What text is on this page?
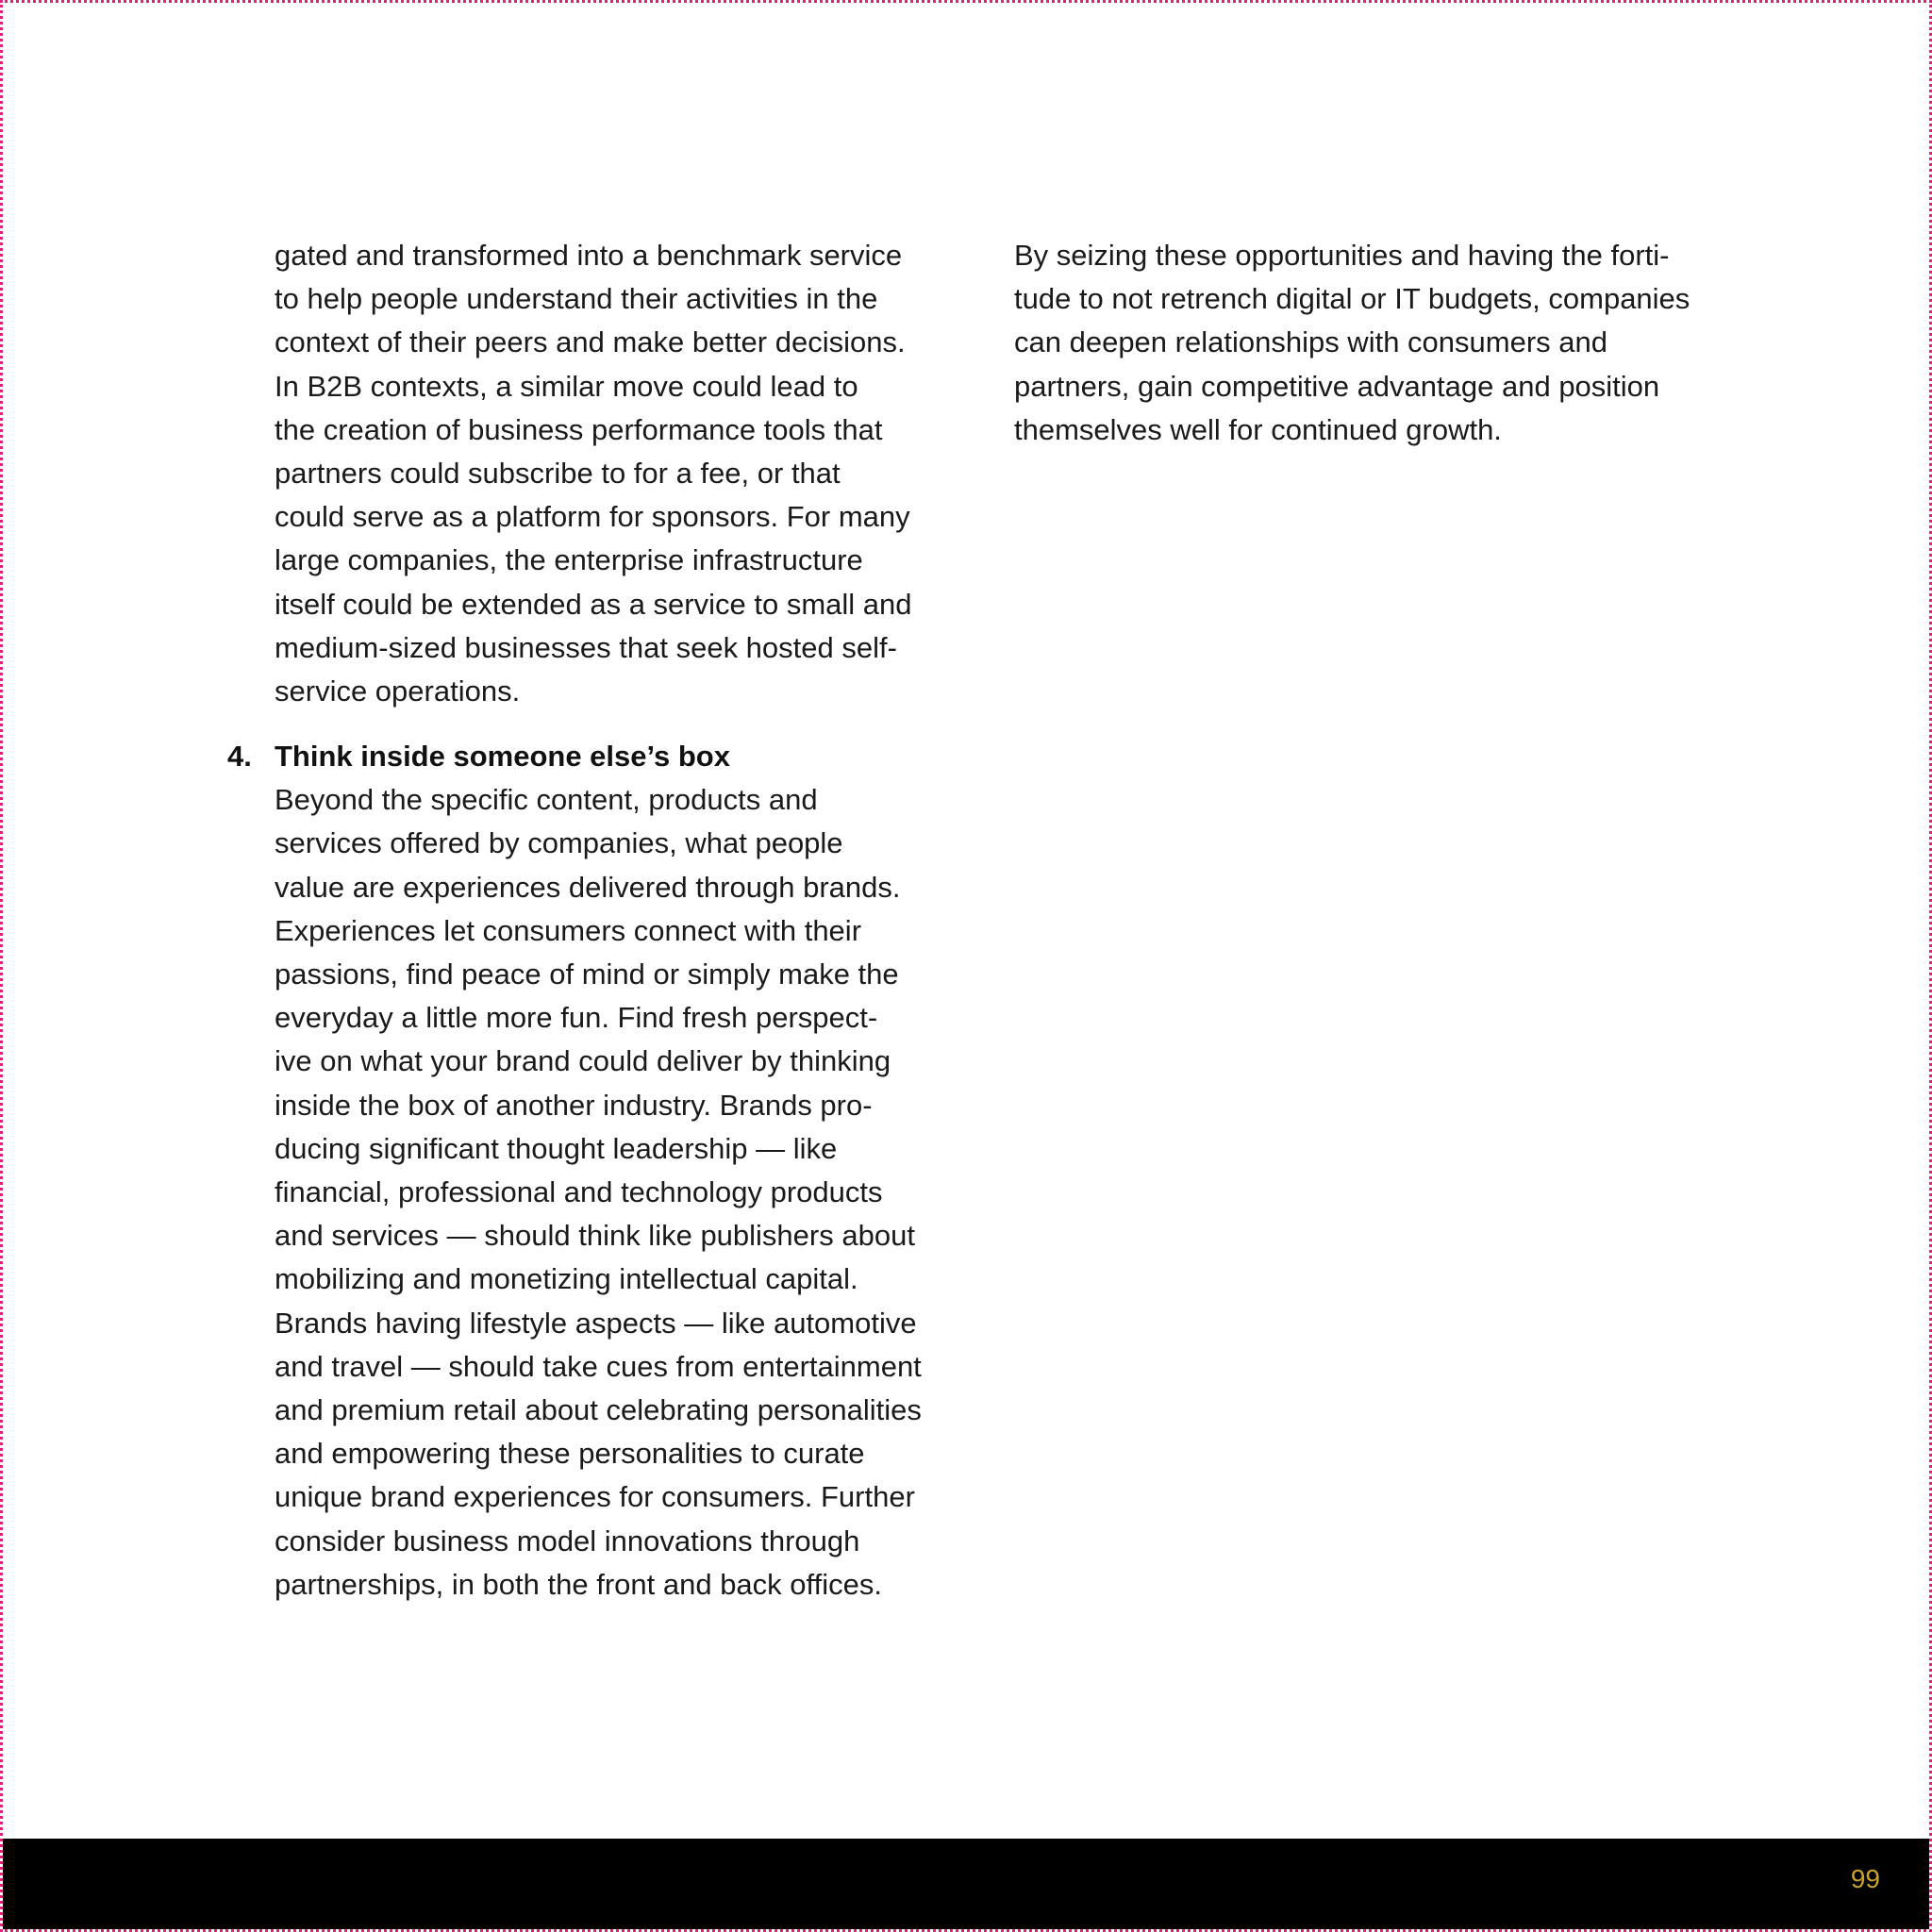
gated and transformed into a benchmark service
to help people understand their activities in the
context of their peers and make better decisions.
In B2B contexts, a similar move could lead to
the creation of business performance tools that
partners could subscribe to for a fee, or that
could serve as a platform for sponsors. For many
large companies, the enterprise infrastructure
itself could be extended as a service to small and
medium-sized businesses that seek hosted self-
service operations.
4. Think inside someone else’s box
Beyond the specific content, products and
services offered by companies, what people
value are experiences delivered through brands.
Experiences let consumers connect with their
passions, find peace of mind or simply make the
everyday a little more fun. Find fresh perspect-
ive on what your brand could deliver by thinking
inside the box of another industry. Brands pro-
ducing significant thought leadership — like
financial, professional and technology products
and services — should think like publishers about
mobilizing and monetizing intellectual capital.
Brands having lifestyle aspects — like automotive
and travel — should take cues from entertainment
and premium retail about celebrating personalities
and empowering these personalities to curate
unique brand experiences for consumers. Further
consider business model innovations through
partnerships, in both the front and back offices.
By seizing these opportunities and having the forti-
tude to not retrench digital or IT budgets, companies
can deepen relationships with consumers and
partners, gain competitive advantage and position
themselves well for continued growth.
99
